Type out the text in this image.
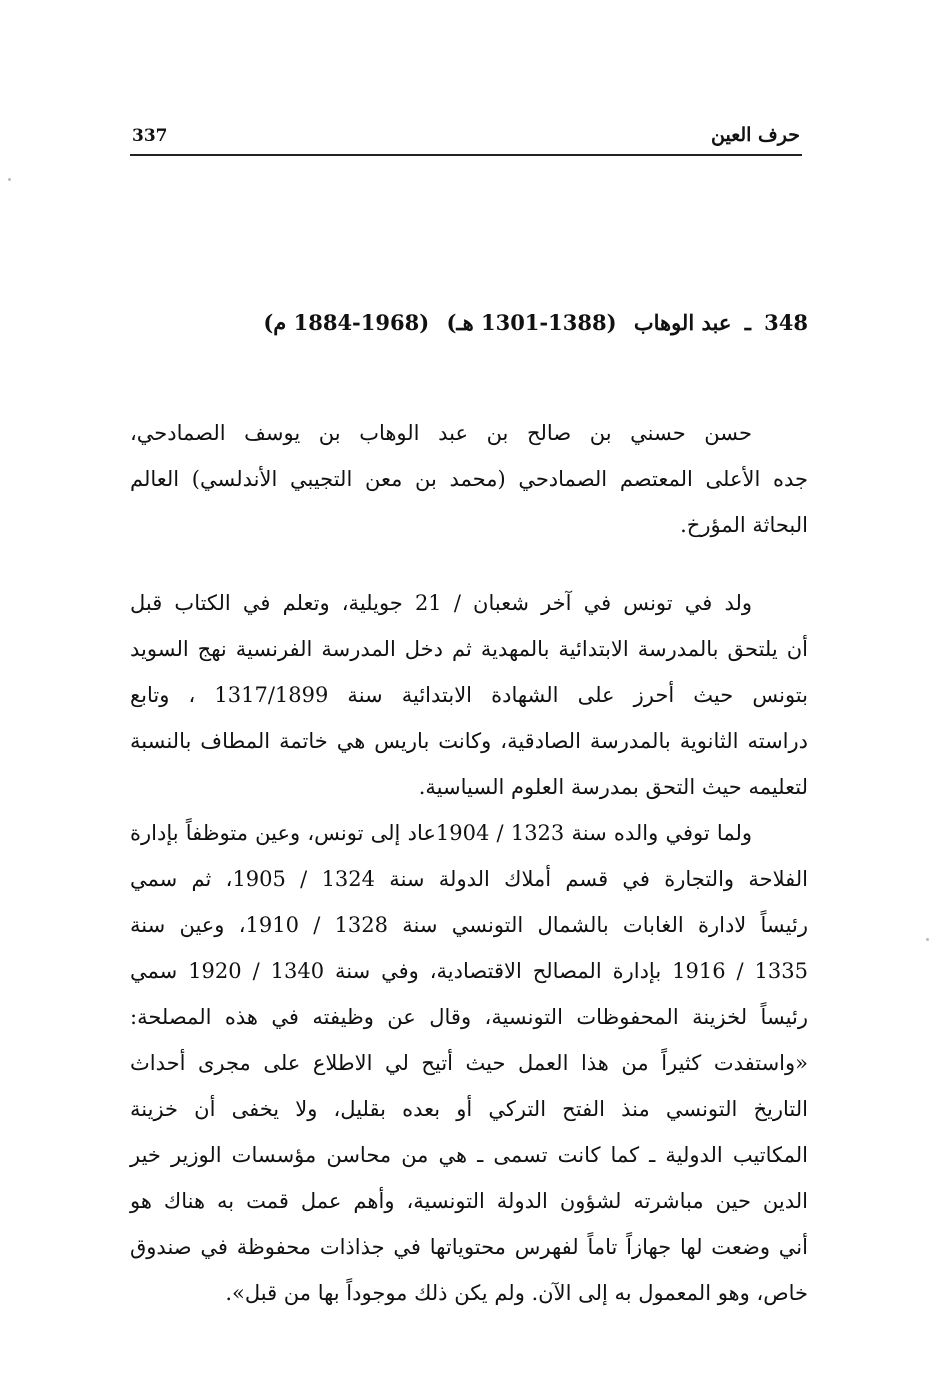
337	حرف العين
348 ـ عبد الوهاب (1301-1388 هـ) (1884-1968 م)
حسن حسني بن صالح بن عبد الوهاب بن يوسف الصمادحي،
جده الأعلى المعتصم الصمادحي (محمد بن معن التجيبي الأندلسي) العالم
البحاثة المؤرخ.
ولد في تونس في آخر شعبان / 21 جويلية، وتعلم في الكتاب قبل
أن يلتحق بالمدرسة الابتدائية بالمهدية ثم دخل المدرسة الفرنسية نهج السويد
بتونس حيث أحرز على الشهادة الابتدائية سنة 1317/1899 ، وتابع
دراسته الثانوية بالمدرسة الصادقية، وكانت باريس هي خاتمة المطاف بالنسبة
لتعليمه حيث التحق بمدرسة العلوم السياسية.
ولما توفي والده سنة 1323 / 1904عاد إلى تونس، وعين متوظفاً بإدارة
الفلاحة والتجارة في قسم أملاك الدولة سنة 1324 / 1905، ثم سمي
رئيساً لادارة الغابات بالشمال التونسي سنة 1328 / 1910، وعين سنة
1335 / 1916 بإدارة المصالح الاقتصادية، وفي سنة 1340 / 1920 سمي
رئيساً لخزينة المحفوظات التونسية، وقال عن وظيفته في هذه المصلحة:
«واستفدت كثيراً من هذا العمل حيث أتيح لي الاطلاع على مجرى أحداث
التاريخ التونسي منذ الفتح التركي أو بعده بقليل، ولا يخفى أن خزينة
المكاتيب الدولية ـ كما كانت تسمى ـ هي من محاسن مؤسسات الوزير خير
الدين حين مباشرته لشؤون الدولة التونسية، وأهم عمل قمت به هناك هو
أني وضعت لها جهازاً تاماً لفهرس محتوياتها في جذاذات محفوظة في صندوق
خاص، وهو المعمول به إلى الآن. ولم يكن ذلك موجوداً بها من قبل».
